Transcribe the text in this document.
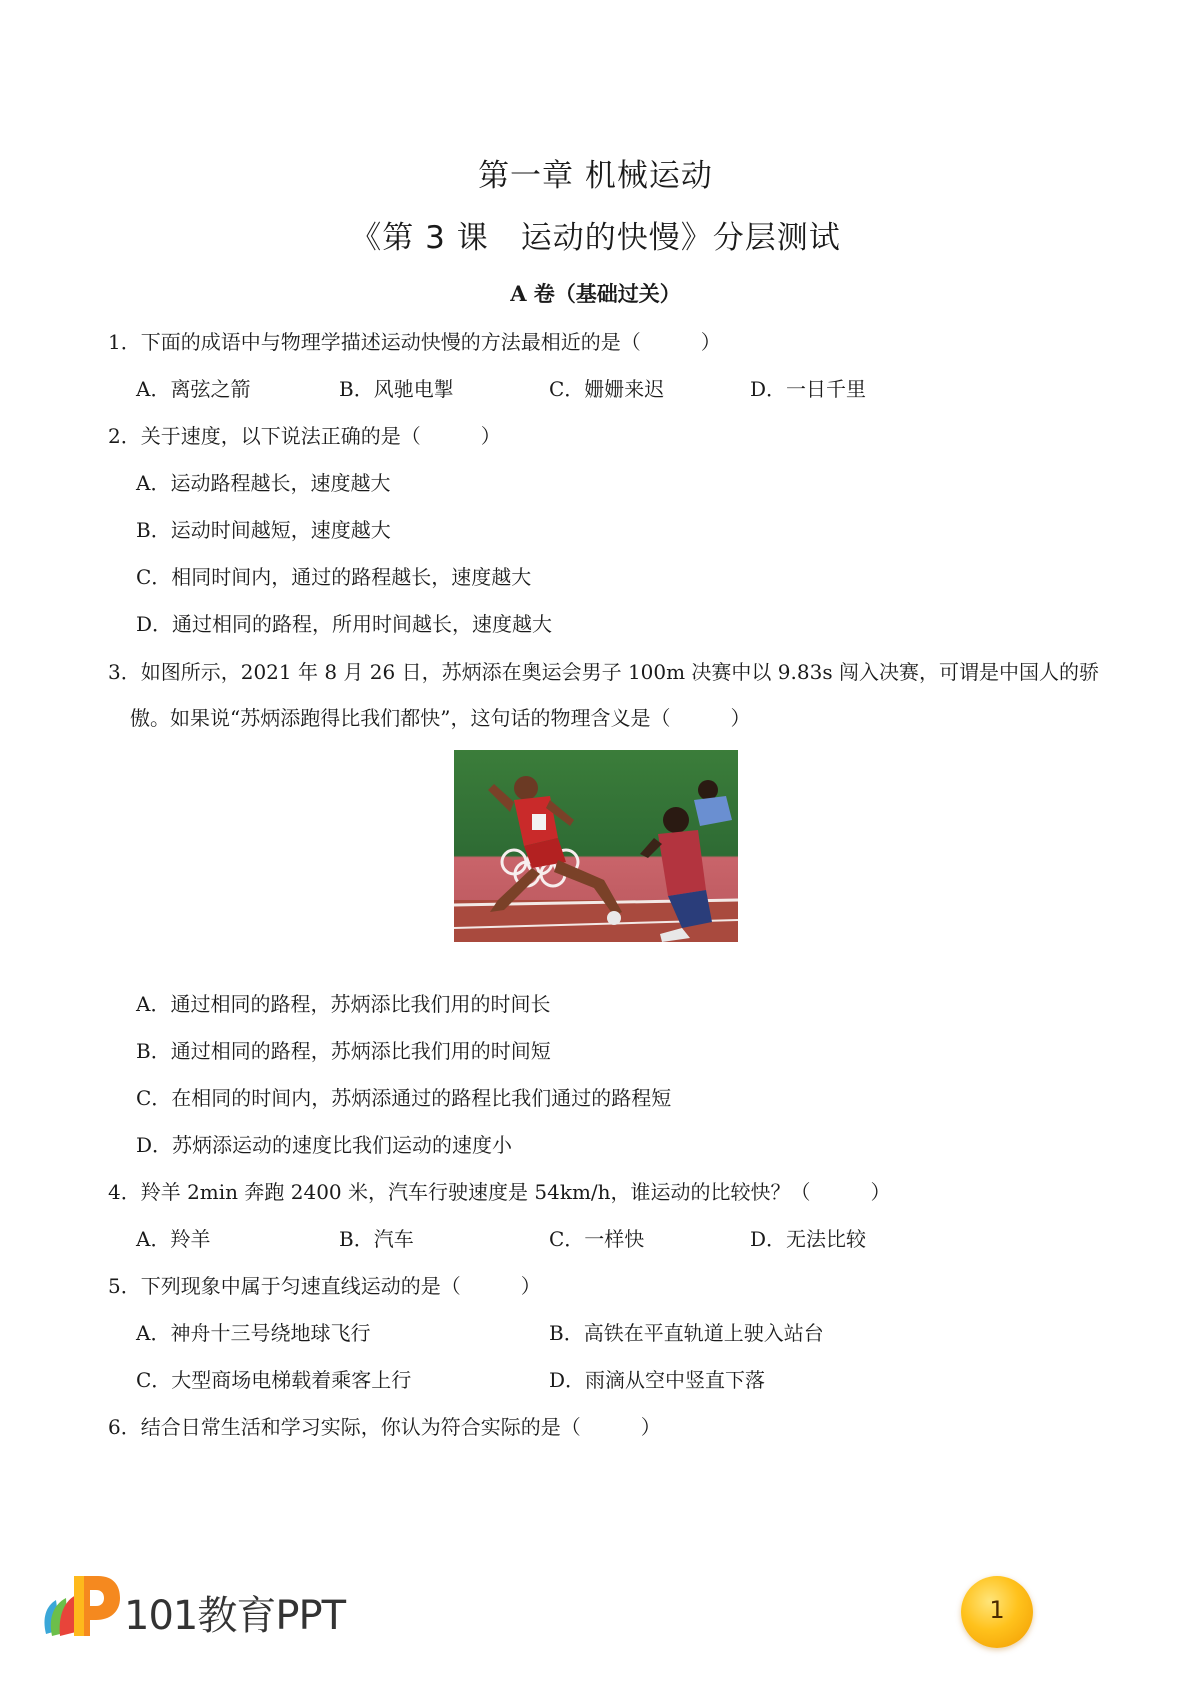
第一章 机械运动
《第 3 课　运动的快慢》分层测试
A 卷（基础过关）
1．下面的成语中与物理学描述运动快慢的方法最相近的是（　　　）
A．离弦之箭	B．风驰电掣	C．姗姗来迟	D．一日千里
2．关于速度，以下说法正确的是（　　　）
A．运动路程越长，速度越大
B．运动时间越短，速度越大
C．相同时间内，通过的路程越长，速度越大
D．通过相同的路程，所用时间越长，速度越大
3．如图所示，2021 年 8 月 26 日，苏炳添在奥运会男子 100m 决赛中以 9.83s 闯入决赛，可谓是中国人的骄
傲。如果说“苏炳添跑得比我们都快”，这句话的物理含义是（　　　）
A．通过相同的路程，苏炳添比我们用的时间长
B．通过相同的路程，苏炳添比我们用的时间短
C．在相同的时间内，苏炳添通过的路程比我们通过的路程短
D．苏炳添运动的速度比我们运动的速度小
4．羚羊 2min 奔跑 2400 米，汽车行驶速度是 54km/h，谁运动的比较快？（　　　）
A．羚羊	B．汽车	C．一样快	D．无法比较
5．下列现象中属于匀速直线运动的是（　　　）
A．神舟十三号绕地球飞行	B．高铁在平直轨道上驶入站台
C．大型商场电梯载着乘客上行	D．雨滴从空中竖直下落
6．结合日常生活和学习实际，你认为符合实际的是（　　　）
101教育PPT	1
